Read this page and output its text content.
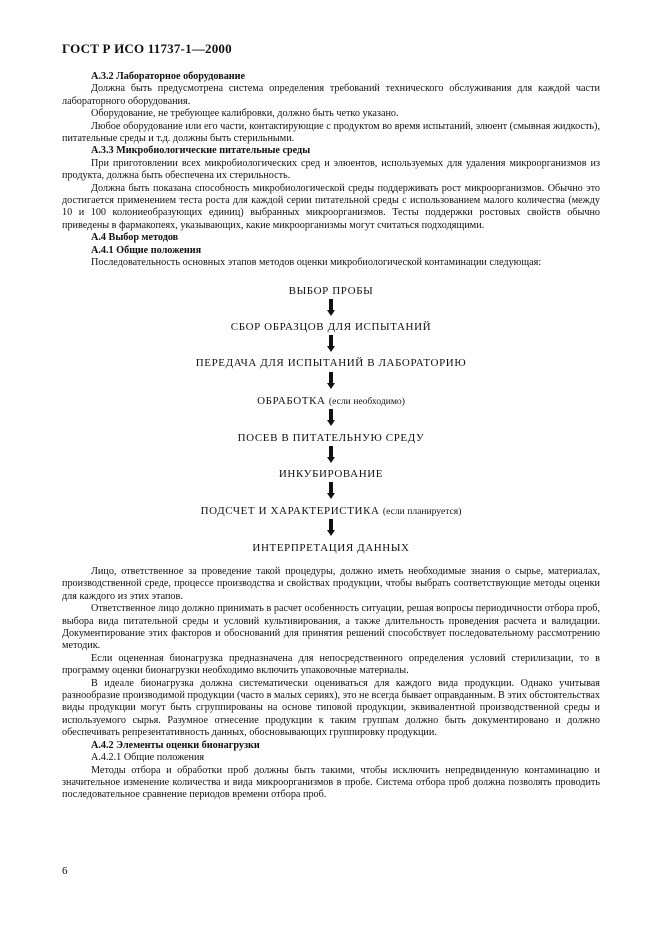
ГОСТ Р ИСО 11737-1—2000

А.3.2 Лабораторное оборудование

Должна быть предусмотрена система определения требований технического обслуживания для каждой части лабораторного оборудования.

Оборудование, не требующее калибровки, должно быть четко указано.

Любое оборудование или его части, контактирующие с продуктом во время испытаний, элюент (смывная жидкость), питательные среды и т.д. должны быть стерильными.

А.3.3 Микробиологические питательные среды

При приготовлении всех микробиологических сред и элюентов, используемых для удаления микроорганизмов из продукта, должна быть обеспечена их стерильность.

Должна быть показана способность микробиологической среды поддерживать рост микроорганизмов. Обычно это достигается применением теста роста для каждой серии питательной среды с использованием малого количества (между 10 и 100 колониеобразующих единиц) выбранных микроорганизмов. Тесты поддержки ростовых свойств обычно приведены в фармакопеях, указывающих, какие микроорганизмы могут считаться подходящими.

А.4 Выбор методов

А.4.1 Общие положения

Последовательность основных этапов методов оценки микробиологической контаминации следующая:

ВЫБОР ПРОБЫ
СБОР ОБРАЗЦОВ ДЛЯ ИСПЫТАНИЙ
ПЕРЕДАЧА ДЛЯ ИСПЫТАНИЙ В ЛАБОРАТОРИЮ
ОБРАБОТКА (если необходимо)
ПОСЕВ В ПИТАТЕЛЬНУЮ СРЕДУ
ИНКУБИРОВАНИЕ
ПОДСЧЕТ И ХАРАКТЕРИСТИКА (если планируется)
ИНТЕРПРЕТАЦИЯ ДАННЫХ

Лицо, ответственное за проведение такой процедуры, должно иметь необходимые знания о сырье, материалах, производственной среде, процессе производства и свойствах продукции, чтобы выбрать соответствующие методы оценки для каждого из этих этапов.

Ответственное лицо должно принимать в расчет особенность ситуации, решая вопросы периодичности отбора проб, выбора вида питательной среды и условий культивирования, а также длительность проведения расчета и валидации. Документирование этих факторов и обоснований для принятия решений способствует последовательному рассмотрению методик.

Если оцененная бионагрузка предназначена для непосредственного определения условий стерилизации, то в программу оценки бионагрузки необходимо включить упаковочные материалы.

В идеале бионагрузка должна систематически оцениваться для каждого вида продукции. Однако учитывая разнообразие производимой продукции (часто в малых сериях), это не всегда бывает оправданным. В этих обстоятельствах виды продукции могут быть сгруппированы на основе типовой продукции, эквивалентной производственной среды и используемого сырья. Разумное отнесение продукции к таким группам должно быть документировано и должно обеспечивать репрезентативность данных, обосновывающих группировку продукции.

А.4.2 Элементы оценки бионагрузки

А.4.2.1 Общие положения

Методы отбора и обработки проб должны быть такими, чтобы исключить непредвиденную контаминацию и значительное изменение количества и вида микроорганизмов в пробе. Система отбора проб должна позволять проводить последовательное сравнение периодов времени отбора проб.

6
